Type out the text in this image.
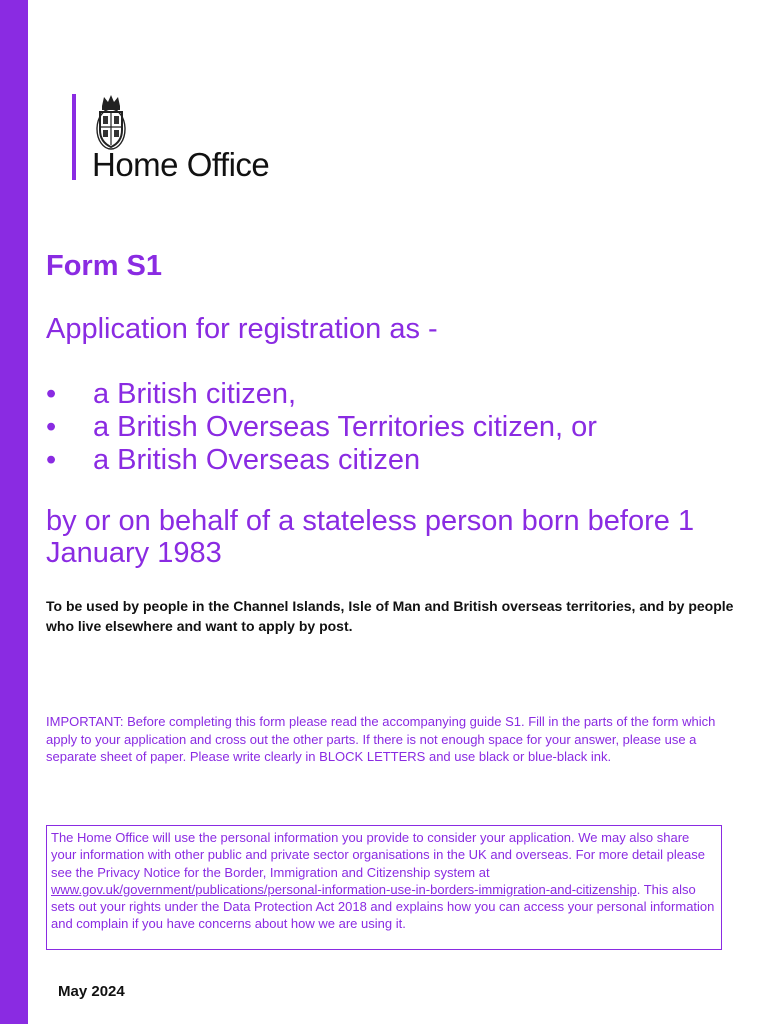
Home Office
Form S1
Application for registration as -
• a British citizen,
• a British Overseas Territories citizen, or
• a British Overseas citizen
by or on behalf of a stateless person born before 1 January 1983
To be used by people in the Channel Islands, Isle of Man and British overseas territories, and by people who live elsewhere and want to apply by post.
IMPORTANT: Before completing this form please read the accompanying guide S1. Fill in the parts of the form which apply to your application and cross out the other parts. If there is not enough space for your answer, please use a separate sheet of paper. Please write clearly in BLOCK LETTERS and use black or blue-black ink.
The Home Office will use the personal information you provide to consider your application. We may also share your information with other public and private sector organisations in the UK and overseas. For more detail please see the Privacy Notice for the Border, Immigration and Citizenship system at www.gov.uk/government/publications/personal-information-use-in-borders-immigration-and-citizenship. This also sets out your rights under the Data Protection Act 2018 and explains how you can access your personal information and complain if you have concerns about how we are using it.
May 2024
